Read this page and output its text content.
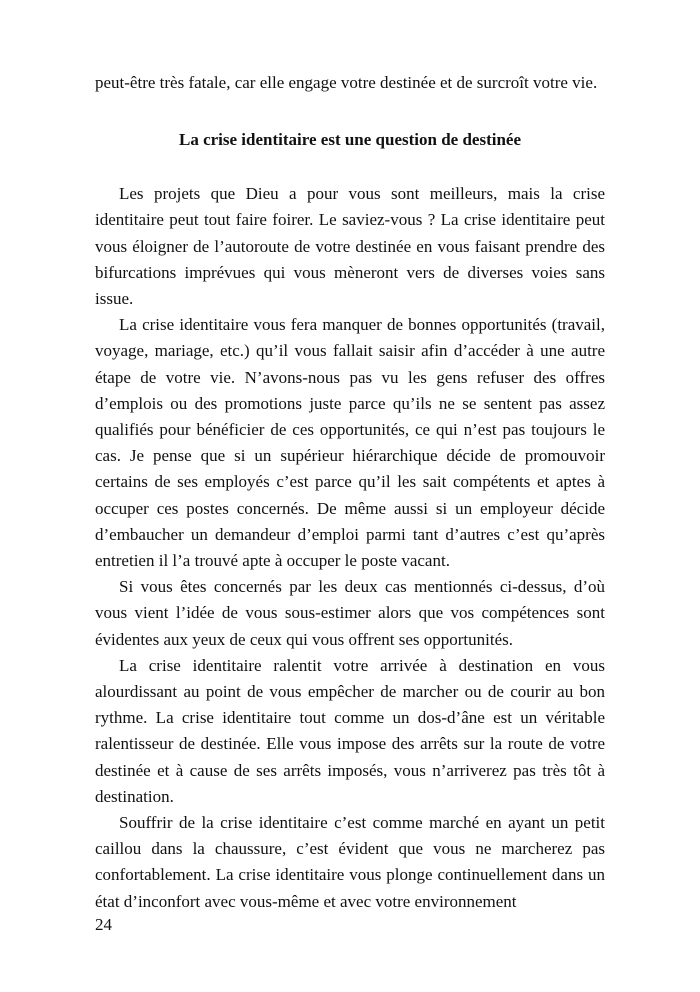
peut-être très fatale, car elle engage votre destinée et de surcroît votre vie.

La crise identitaire est une question de destinée

Les projets que Dieu a pour vous sont meilleurs, mais la crise identitaire peut tout faire foirer. Le saviez-vous ? La crise identitaire peut vous éloigner de l’autoroute de votre destinée en vous faisant prendre des bifurcations imprévues qui vous mèneront vers de diverses voies sans issue.

La crise identitaire vous fera manquer de bonnes opportunités (travail, voyage, mariage, etc.) qu’il vous fallait saisir afin d’accéder à une autre étape de votre vie. N’avons-nous pas vu les gens refuser des offres d’emplois ou des promotions juste parce qu’ils ne se sentent pas assez qualifiés pour bénéficier de ces opportunités, ce qui n’est pas toujours le cas. Je pense que si un supérieur hiérarchique décide de promouvoir certains de ses employés c’est parce qu’il les sait compétents et aptes à occuper ces postes concernés. De même aussi si un employeur décide d’embaucher un demandeur d’emploi parmi tant d’autres c’est qu’après entretien il l’a trouvé apte à occuper le poste vacant.

Si vous êtes concernés par les deux cas mentionnés ci-dessus, d’où vous vient l’idée de vous sous-estimer alors que vos compétences sont évidentes aux yeux de ceux qui vous offrent ses opportunités.

La crise identitaire ralentit votre arrivée à destination en vous alourdissant au point de vous empêcher de marcher ou de courir au bon rythme. La crise identitaire tout comme un dos-d’âne est un véritable ralentisseur de destinée. Elle vous impose des arrêts sur la route de votre destinée et à cause de ses arrêts imposés, vous n’arriverez pas très tôt à destination.

Souffrir de la crise identitaire c’est comme marché en ayant un petit caillou dans la chaussure, c’est évident que vous ne marcherez pas confortablement. La crise identitaire vous plonge continuellement dans un état d’inconfort avec vous-même et avec votre environnement

24
